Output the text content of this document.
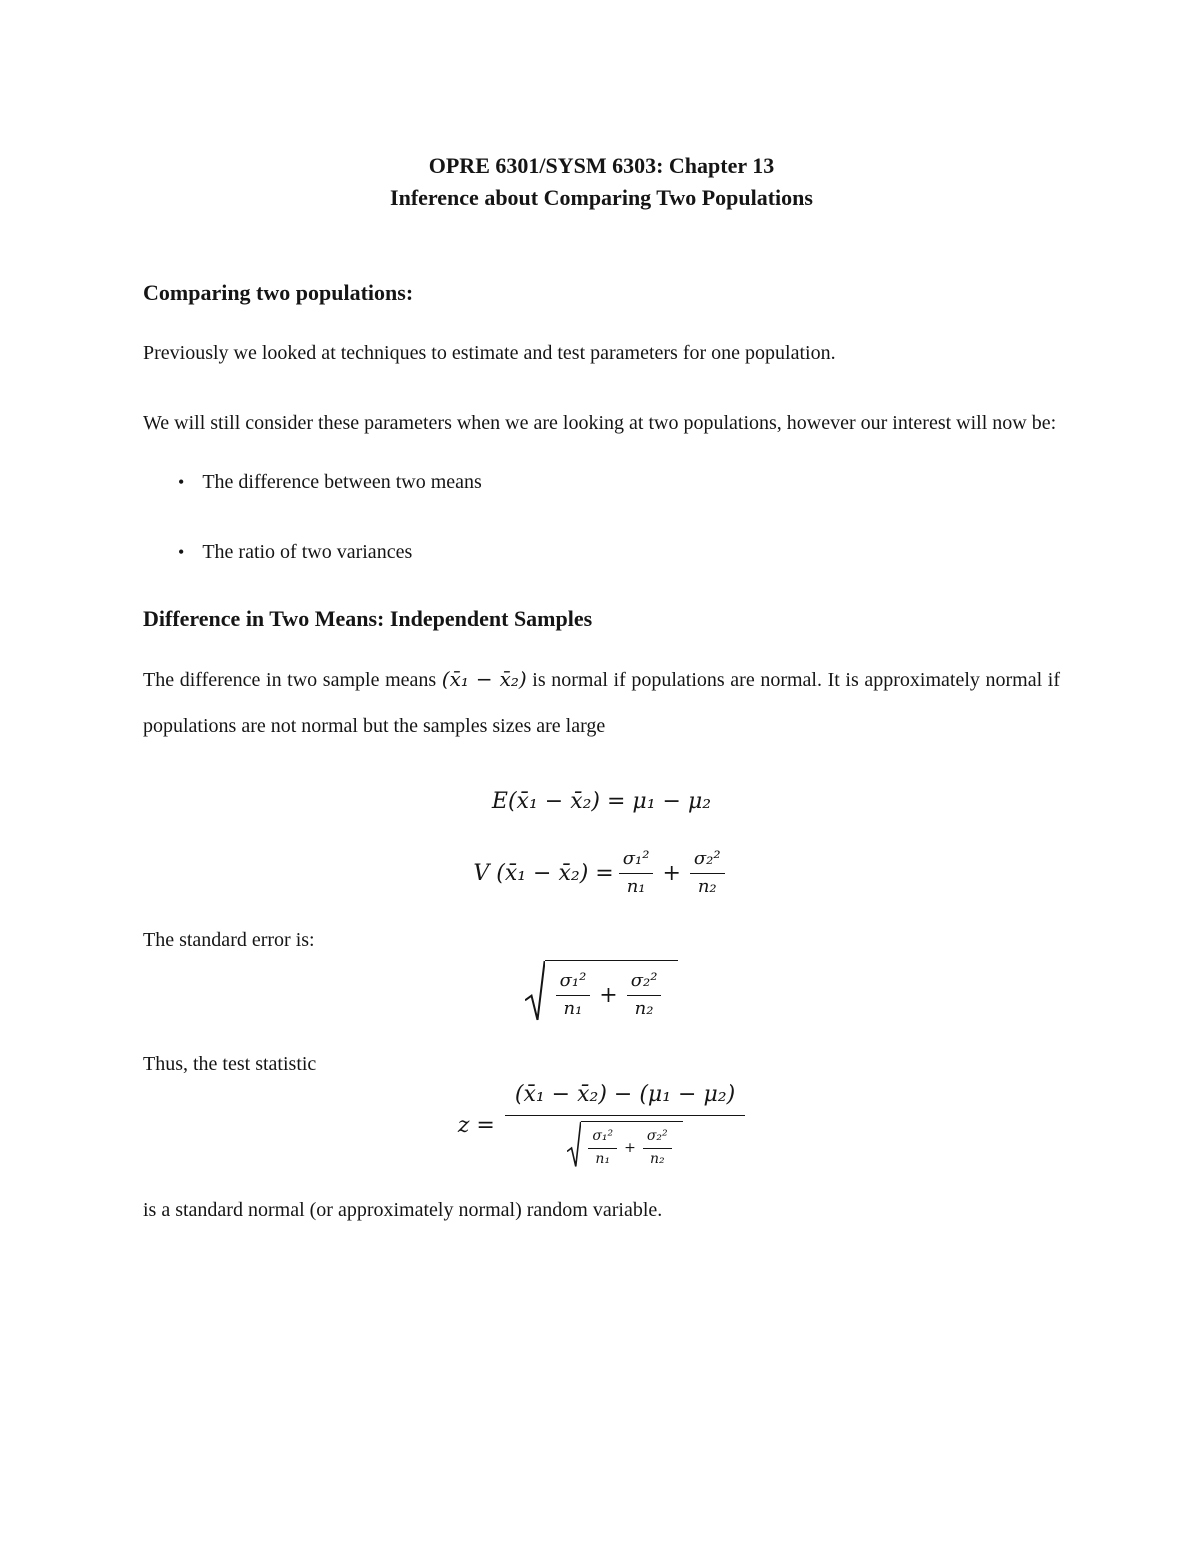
OPRE 6301/SYSM 6303: Chapter 13
Inference about Comparing Two Populations
Comparing two populations:

Previously we looked at techniques to estimate and test parameters for one population.

We will still consider these parameters when we are looking at two populations, however our interest will now be:

• The difference between two means
• The ratio of two variances
Difference in Two Means: Independent Samples

The difference in two sample means (x̄₁ − x̄₂) is normal if populations are normal. It is approximately normal if populations are not normal but the samples sizes are large

E(x̄₁ − x̄₂) = μ₁ − μ₂
V (x̄₁ − x̄₂) = $\frac{\text{σ₁²}}{\text{n₁}} + \frac{\text{σ₂²}}{\text{n₂}}$

The standard error is:

$\frac{\text{σ₁²}}{\text{n₁}} + \frac{\text{σ₂²}}{\text{n₂}}$

Thus, the test statistic

z =
(x̄₁ − x̄₂) − (μ₁ − μ₂)
$\frac{\text{σ₁²}}{\text{n₁}} + \frac{\text{σ₂²}}{\text{n₂}}$

is a standard normal (or approximately normal) random variable.
